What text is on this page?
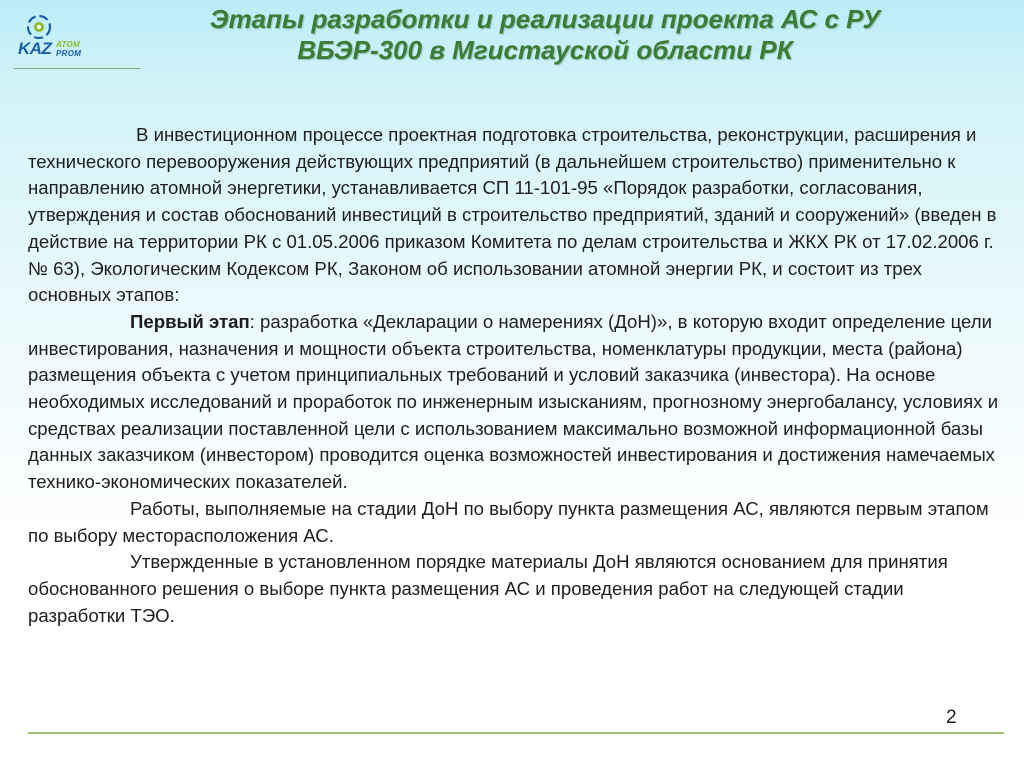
KAZ ATOM
PROM
Этапы разработки и реализации проекта АС с РУ
ВБЭР-300 в Мгистауской области РК

В инвестиционном процессе проектная подготовка строительства, реконструкции, расширения и технического перевооружения действующих предприятий (в дальнейшем строительство) применительно к направлению атомной энергетики, устанавливается СП 11-101-95 «Порядок разработки, согласования, утверждения и состав обоснований инвестиций в строительство предприятий, зданий и сооружений» (введен в действие на территории РК с 01.05.2006 приказом Комитета по делам строительства и ЖКХ РК от 17.02.2006 г. № 63), Экологическим Кодексом РК, Законом об использовании атомной энергии РК, и состоит из трех основных этапов:

Первый этап: разработка «Декларации о намерениях (ДоН)», в которую входит определение цели инвестирования, назначения и мощности объекта строительства, номенклатуры продукции, места (района) размещения объекта с учетом принципиальных требований и условий заказчика (инвестора). На основе необходимых исследований и проработок по инженерным изысканиям, прогнозному энергобалансу, условиях и средствах реализации поставленной цели с использованием максимально возможной информационной базы данных заказчиком (инвестором) проводится оценка возможностей инвестирования и достижения намечаемых технико-экономических показателей.

Работы, выполняемые на стадии ДоН по выбору пункта размещения АС, являются первым этапом по выбору месторасположения АС.

Утвержденные в установленном порядке материалы ДоН являются основанием для принятия обоснованного решения о выборе пункта размещения АС и проведения работ на следующей стадии разработки ТЭО.

2
